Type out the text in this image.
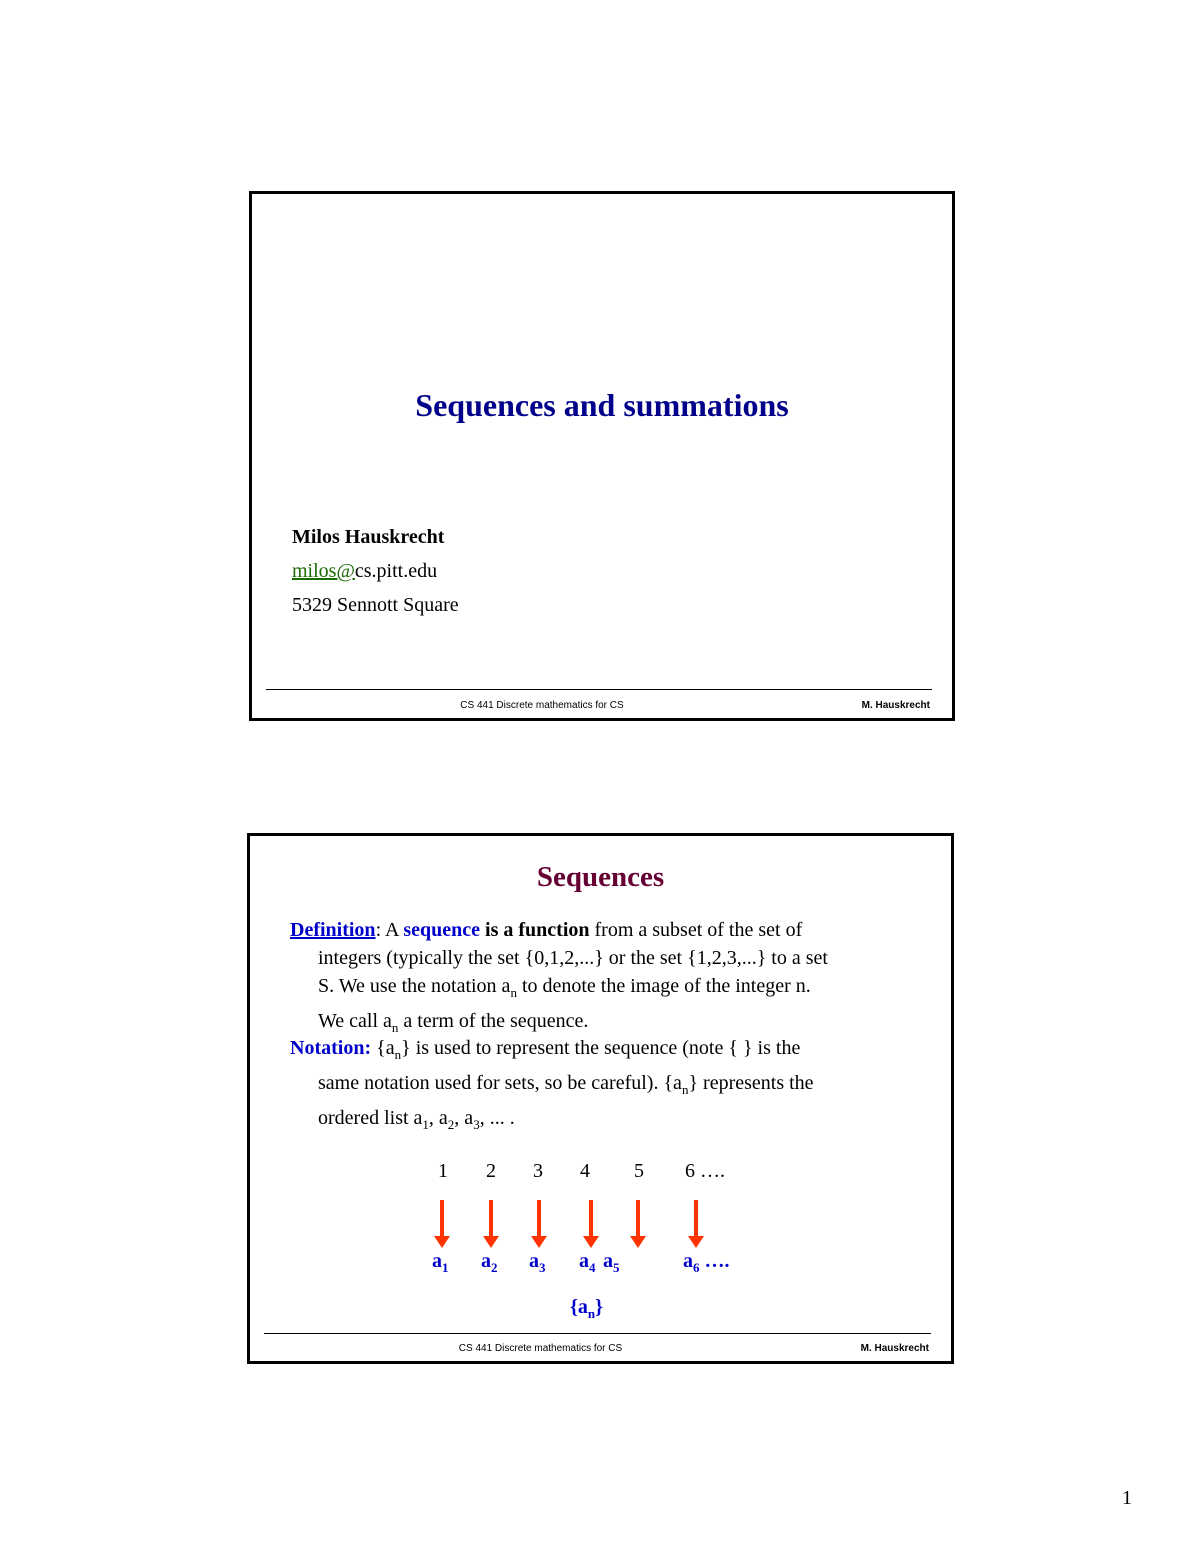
Sequences and summations
Milos Hauskrecht
milos@cs.pitt.edu
5329 Sennott Square
CS 441 Discrete mathematics for CS	M. Hauskrecht
Sequences
Definition: A sequence is a function from a subset of the set of
integers (typically the set {0,1,2,...} or the set {1,2,3,...} to a set
S. We use the notation $a_n$ to denote the image of the integer n.
We call $a_n$ a term of the sequence.
Notation: $\{a_n\}$ is used to represent the sequence (note { } is the
same notation used for sets, so be careful). $\{a_n\}$ represents the
ordered list $a_1$, $a_2$, $a_3$, ... .
1 2 3 4 5 6 ….
$a_1$ $a_2$ $a_3$ $a_4$ $a_5$	$a_6$ ….
$\{a_n\}$
CS 441 Discrete mathematics for CS	M. Hauskrecht
1
